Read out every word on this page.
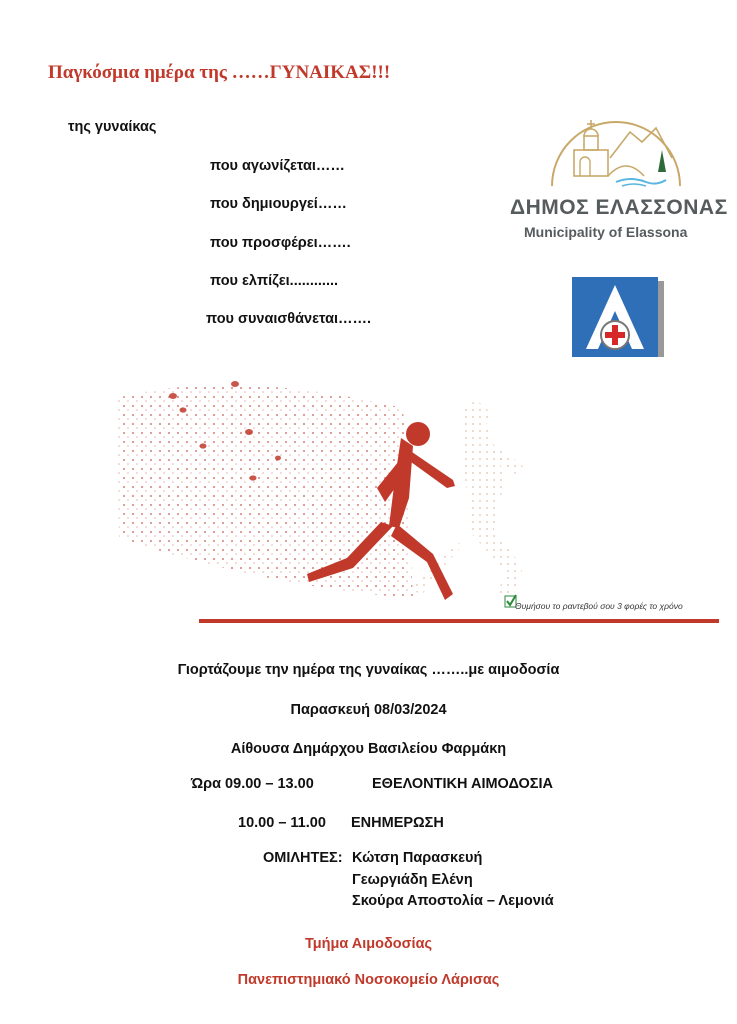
Παγκόσμια ημέρα της ……ΓΥΝΑΙΚΑΣ!!!
της γυναίκας
που αγωνίζεται……
που δημιουργεί……
που προσφέρει…….
που ελπίζει............
που συναισθάνεται…….
ΔΗΜΟΣ ΕΛΑΣΣΟΝΑΣ
Municipality of Elassona
Θυμήσου το ραντεβού σου 3 φορές το χρόνο
Γιορτάζουμε την ημέρα της γυναίκας ……..με αιμοδοσία
Παρασκευή 08/03/2024
Αίθουσα Δημάρχου Βασιλείου Φαρμάκη
Ώρα 09.00 – 13.00	ΕΘΕΛΟΝΤΙΚΗ ΑΙΜΟΔΟΣΙΑ
10.00 – 11.00 ΕΝΗΜΕΡΩΣΗ
ΟΜΙΛΗΤΕΣ: Κώτση Παρασκευή
Γεωργιάδη Ελένη
Σκούρα Αποστολία – Λεμονιά
Τμήμα Αιμοδοσίας
Πανεπιστημιακό Νοσοκομείο Λάρισας
